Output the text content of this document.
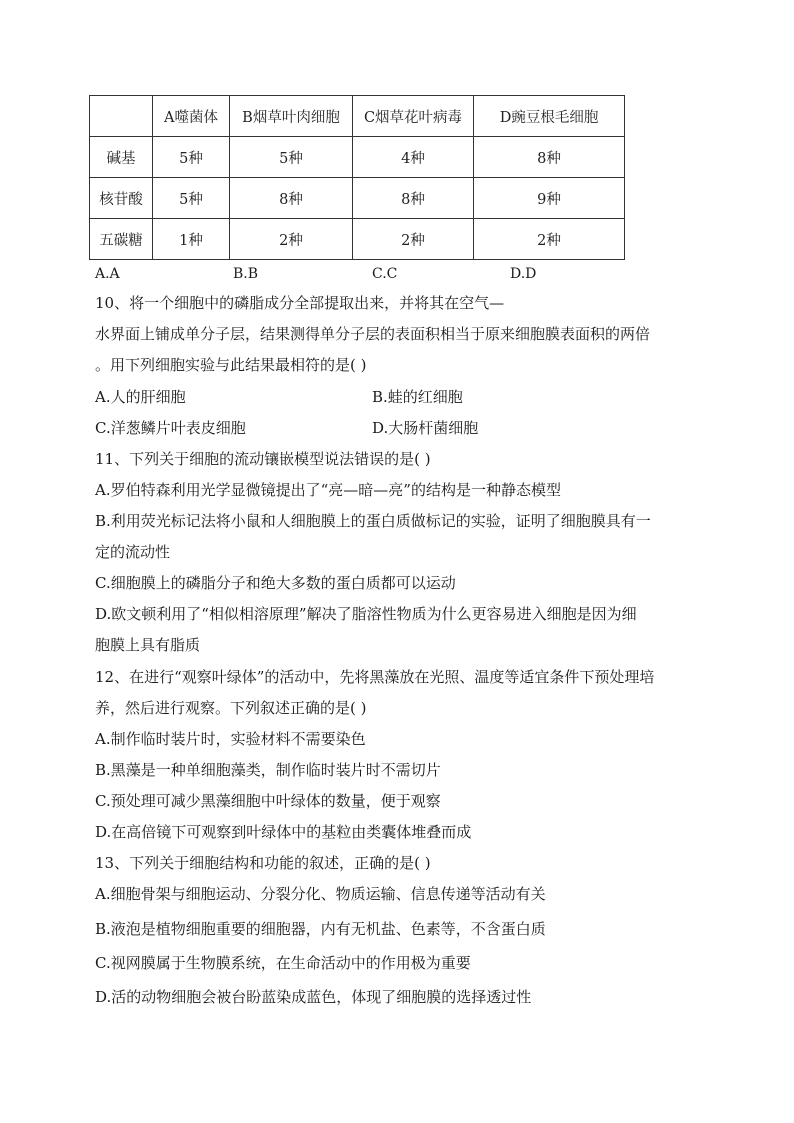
	A噬菌体	B烟草叶肉细胞	C烟草花叶病毒	D豌豆根毛细胞
碱基	5种	5种	4种	8种
核苷酸	5种	8种	8种	9种
五碳糖	1种	2种	2种	2种
A.A	B.B	C.C	D.D
10、将一个细胞中的磷脂成分全部提取出来，并将其在空气—
水界面上铺成单分子层，结果测得单分子层的表面积相当于原来细胞膜表面积的两倍
。用下列细胞实验与此结果最相符的是( )
A.人的肝细胞	B.蛙的红细胞
C.洋葱鳞片叶表皮细胞	D.大肠杆菌细胞
11、下列关于细胞的流动镶嵌模型说法错误的是( )
A.罗伯特森利用光学显微镜提出了“亮—暗—亮”的结构是一种静态模型
B.利用荧光标记法将小鼠和人细胞膜上的蛋白质做标记的实验，证明了细胞膜具有一
定的流动性
C.细胞膜上的磷脂分子和绝大多数的蛋白质都可以运动
D.欧文顿利用了“相似相溶原理”解决了脂溶性物质为什么更容易进入细胞是因为细
胞膜上具有脂质
12、在进行“观察叶绿体”的活动中，先将黑藻放在光照、温度等适宜条件下预处理培
养，然后进行观察。下列叙述正确的是( )
A.制作临时装片时，实验材料不需要染色
B.黑藻是一种单细胞藻类，制作临时装片时不需切片
C.预处理可减少黑藻细胞中叶绿体的数量，便于观察
D.在高倍镜下可观察到叶绿体中的基粒由类囊体堆叠而成
13、下列关于细胞结构和功能的叙述，正确的是( )
A.细胞骨架与细胞运动、分裂分化、物质运输、信息传递等活动有关
B.液泡是植物细胞重要的细胞器，内有无机盐、色素等，不含蛋白质
C.视网膜属于生物膜系统，在生命活动中的作用极为重要
D.活的动物细胞会被台盼蓝染成蓝色，体现了细胞膜的选择透过性
